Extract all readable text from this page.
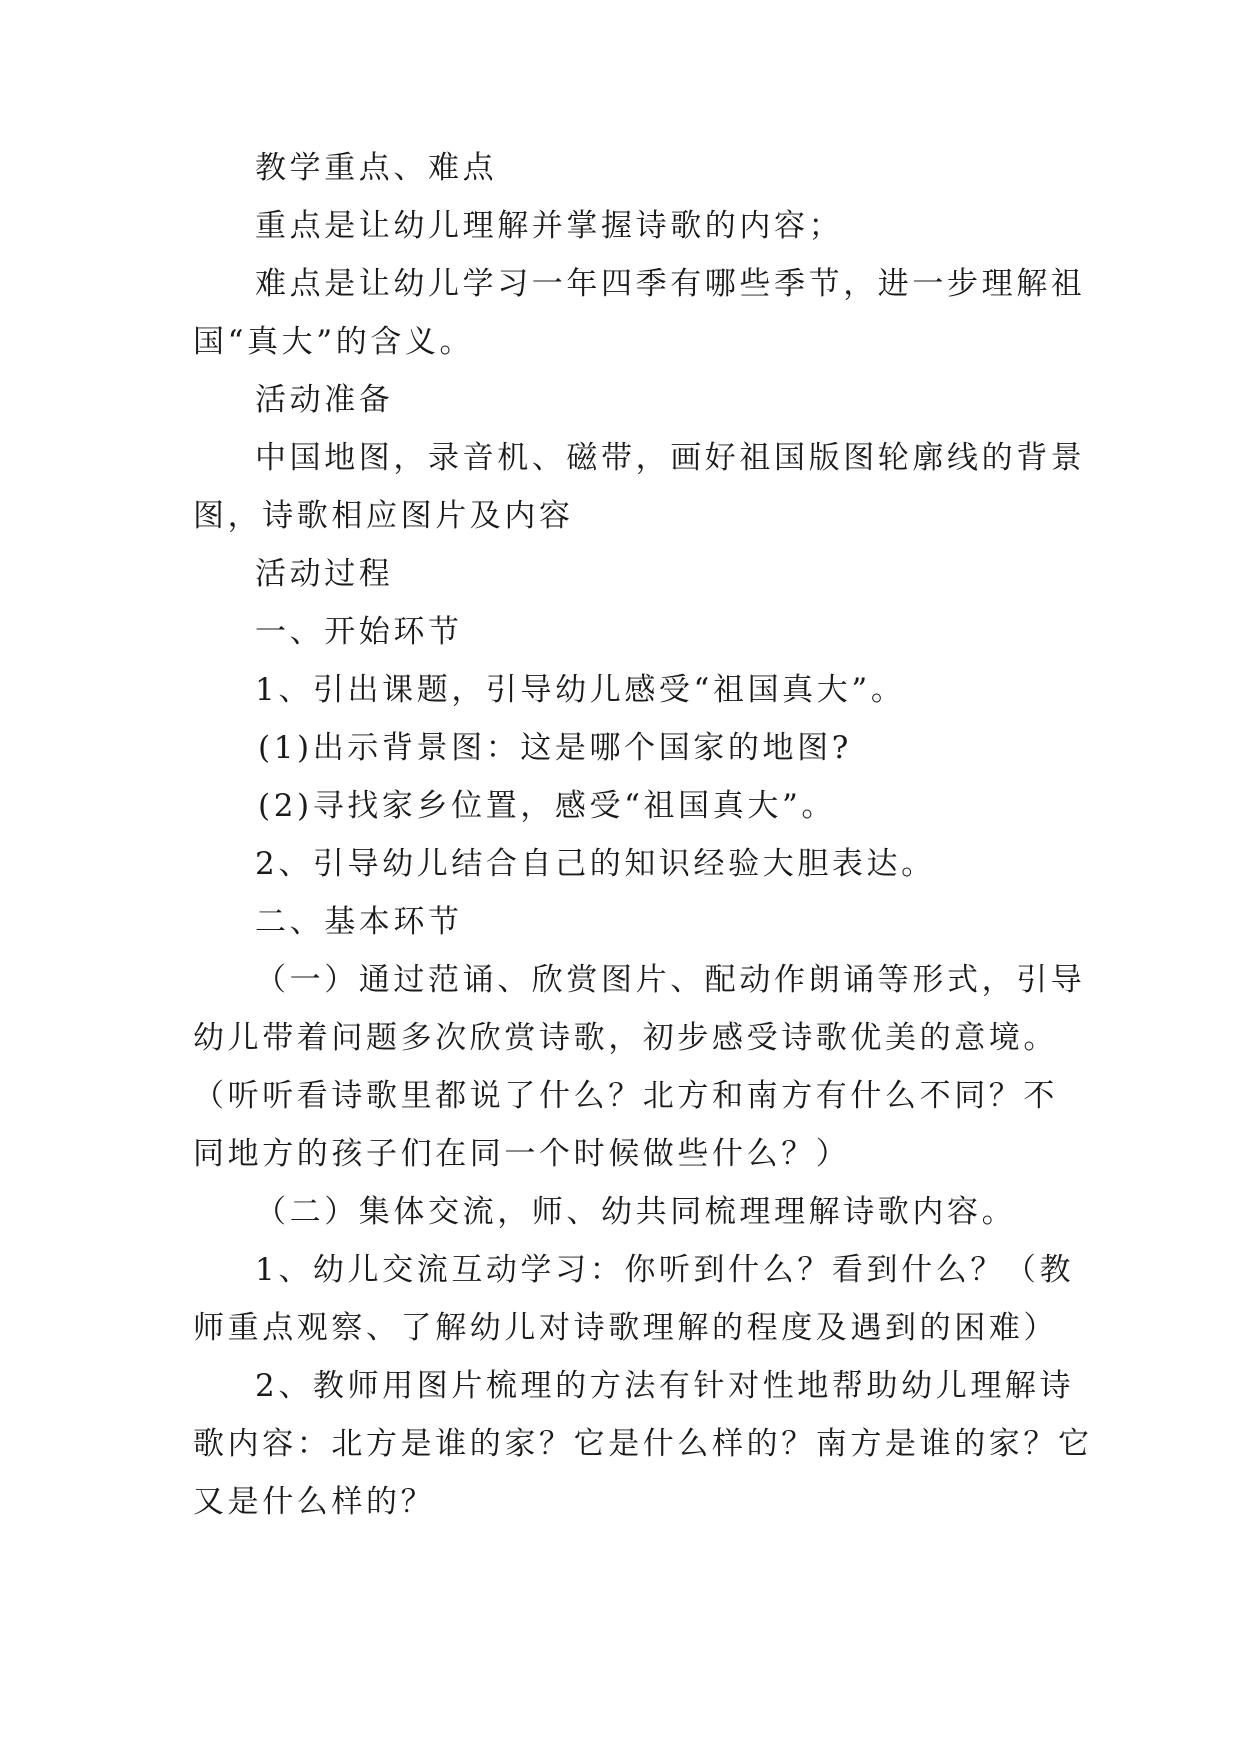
教学重点、难点
重点是让幼儿理解并掌握诗歌的内容；
难点是让幼儿学习一年四季有哪些季节，进一步理解祖
国“真大”的含义。
活动准备
中国地图，录音机、磁带，画好祖国版图轮廓线的背景
图，诗歌相应图片及内容
活动过程
一、开始环节
1、引出课题，引导幼儿感受“祖国真大”。
(1)出示背景图：这是哪个国家的地图?
(2)寻找家乡位置，感受“祖国真大”。
2、引导幼儿结合自己的知识经验大胆表达。
二、基本环节
（一）通过范诵、欣赏图片、配动作朗诵等形式，引导
幼儿带着问题多次欣赏诗歌，初步感受诗歌优美的意境。
（听听看诗歌里都说了什么？北方和南方有什么不同？不
同地方的孩子们在同一个时候做些什么？）
（二）集体交流，师、幼共同梳理理解诗歌内容。
1、幼儿交流互动学习：你听到什么？看到什么？（教
师重点观察、了解幼儿对诗歌理解的程度及遇到的困难）
2、教师用图片梳理的方法有针对性地帮助幼儿理解诗
歌内容：北方是谁的家？它是什么样的？南方是谁的家？它
又是什么样的？
